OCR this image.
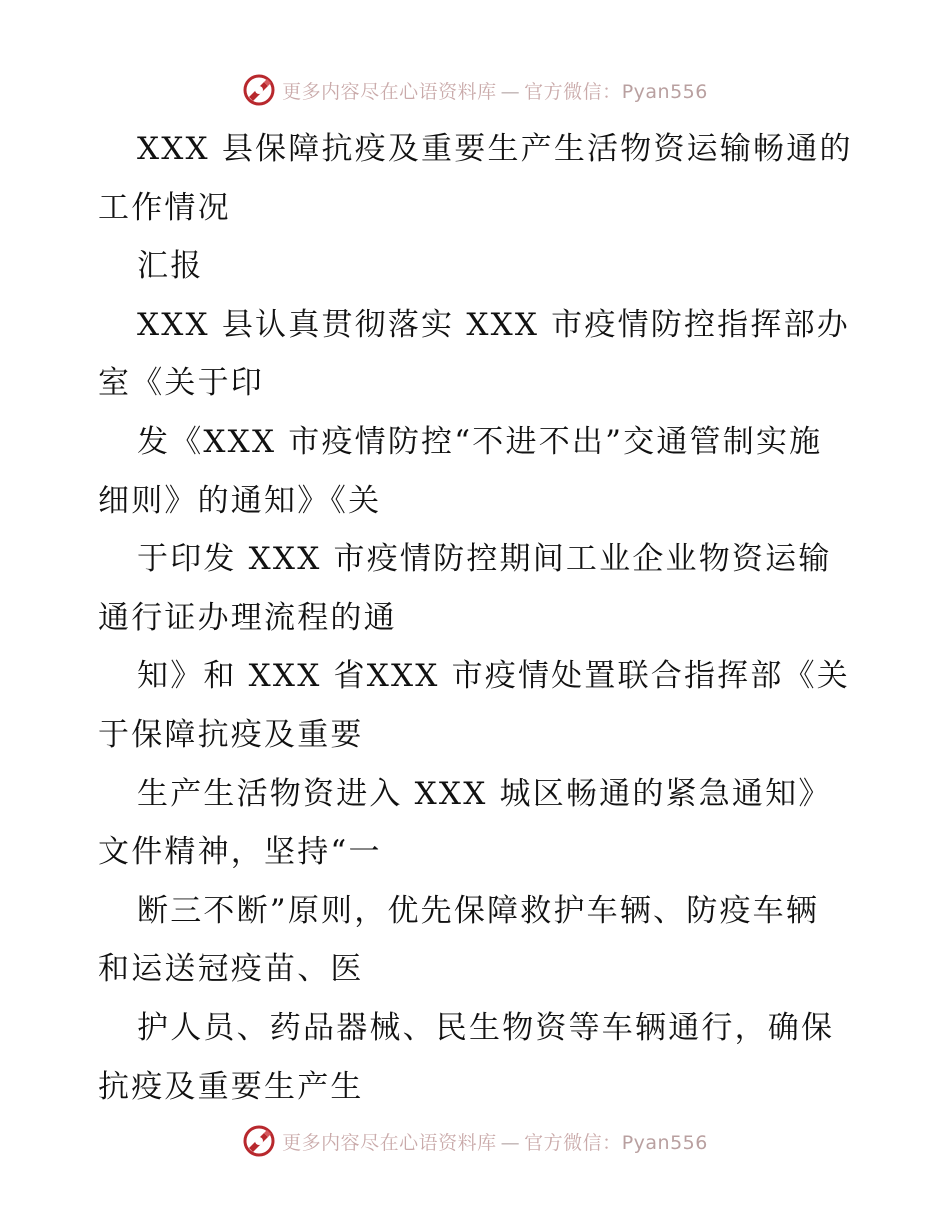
更多内容尽在心语资料库 — 官方微信：Pyan556
XXX 县保障抗疫及重要生产生活物资运输畅通的
工作情况
汇报
XXX 县认真贯彻落实 XXX 市疫情防控指挥部办
室《关于印
发《XXX 市疫情防控“不进不出”交通管制实施
细则》的通知》《关
于印发 XXX 市疫情防控期间工业企业物资运输
通行证办理流程的通
知》和 XXX 省XXX 市疫情处置联合指挥部《关
于保障抗疫及重要
生产生活物资进入 XXX 城区畅通的紧急通知》
文件精神，坚持“一
断三不断”原则，优先保障救护车辆、防疫车辆
和运送冠疫苗、医
护人员、药品器械、民生物资等车辆通行，确保
抗疫及重要生产生
更多内容尽在心语资料库 — 官方微信：Pyan556
